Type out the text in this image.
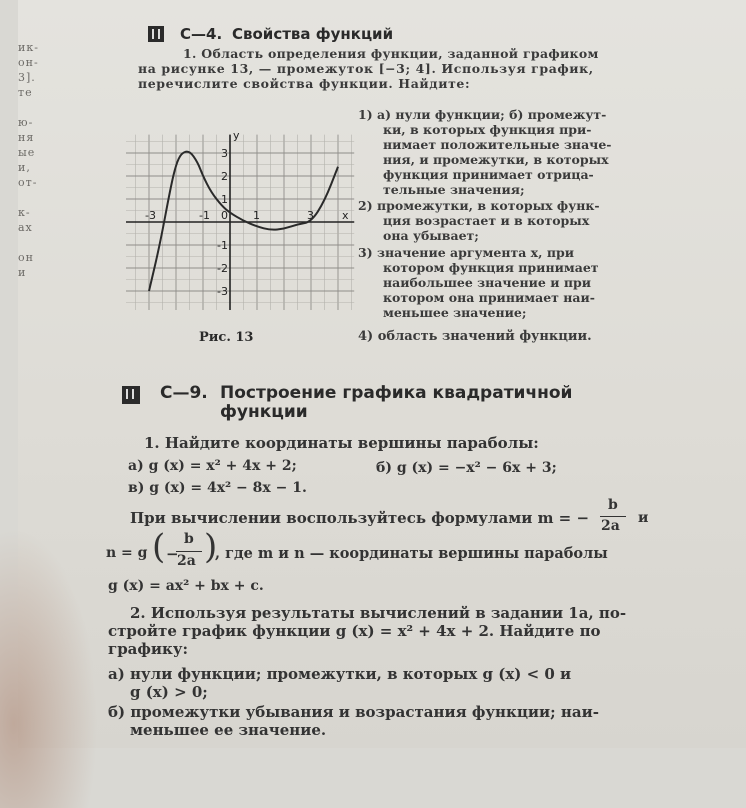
ик-
он-
3].
тe
ю-
ня
ые
и,
от-
к-
ах
он
и
С—4. Свойства функций
1. Область определения функции, заданной графиком
на рисунке 13, — промежуток [−3; 4]. Используя график,
перечислите свойства функции. Найдите:
1) а) нули функции; б) промежут-
ки, в которых функция при-
нимает положительные значе-
ния, и промежутки, в которых
функция принимает отрица-
тельные значения;
2) промежутки, в которых функ-
ция возрастает и в которых
она убывает;
3) значение аргумента x, при
котором функция принимает
наибольшее значение и при
котором она принимает наи-
меньшее значение;
4) область значений функции.
-3	-1 0 1	3
3
2
1
-1
-2
-3
x
y
Рис. 13
С—9. Построение графика квадратичной
функции
1. Найдите координаты вершины параболы:
а) g (x) = x² + 4x + 2;	б) g (x) = −x² − 6x + 3;
в) g (x) = 4x² − 8x − 1.
При вычислении воспользуйтесь формулами m = −
b
2a и
n = g ( −
b
2a )
, где m и n — координаты вершины параболы
g (x) = ax² + bx + c.
2. Используя результаты вычислений в задании 1а, по-
стройте график функции g (x) = x² + 4x + 2. Найдите по
графику:
а) нули функции; промежутки, в которых g (x) < 0 и
g (x) > 0;
б) промежутки убывания и возрастания функции; наи-
меньшее ее значение.
